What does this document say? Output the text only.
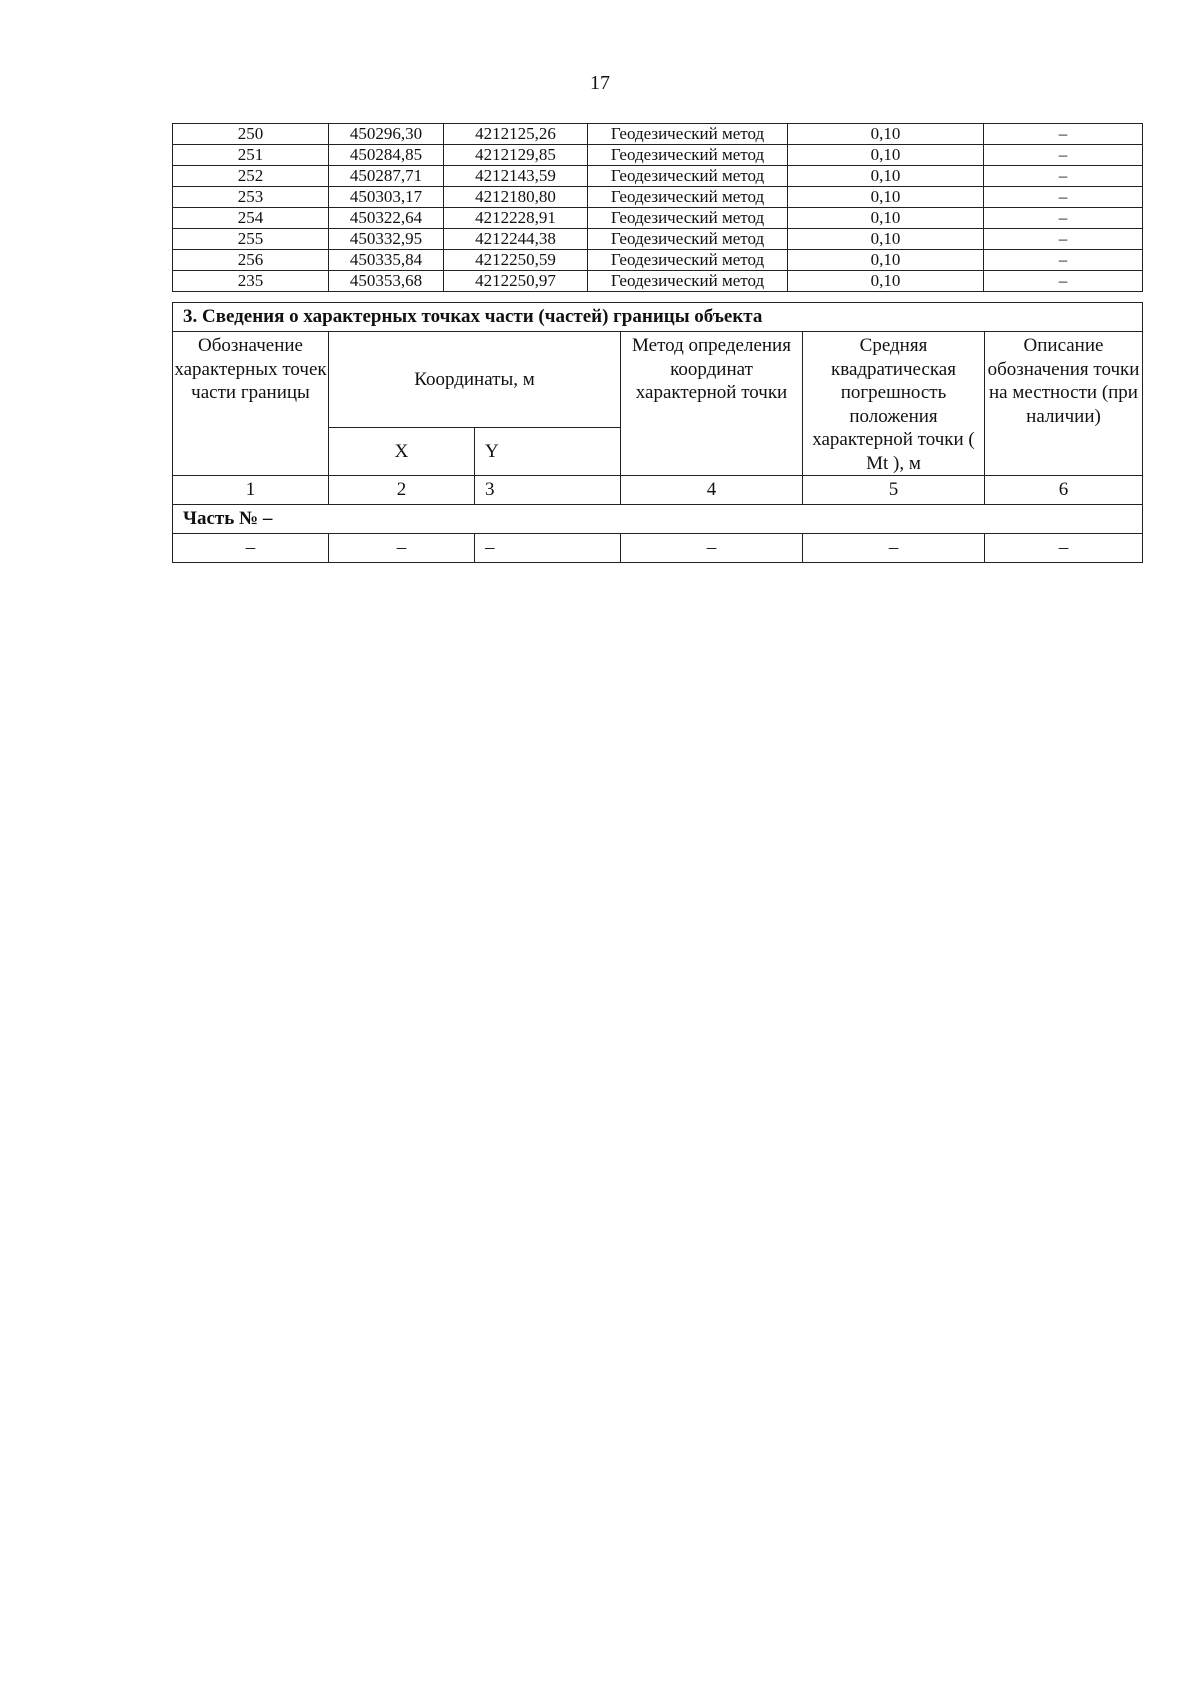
17
250	450296,30	4212125,26	Геодезический метод	0,10	–
251	450284,85	4212129,85	Геодезический метод	0,10	–
252	450287,71	4212143,59	Геодезический метод	0,10	–
253	450303,17	4212180,80	Геодезический метод	0,10	–
254	450322,64	4212228,91	Геодезический метод	0,10	–
255	450332,95	4212244,38	Геодезический метод	0,10	–
256	450335,84	4212250,59	Геодезический метод	0,10	–
235	450353,68	4212250,97	Геодезический метод	0,10	–
3. Сведения о характерных точках части (частей) границы объекта					
Обозначение характерных точек части границы	Координаты, м		Метод определения координат характерной точки	Средняя квадратическая погрешность положения характерной точки ( Mt ), м	Описание обозначения точки на местности (при наличии)
	X	Y			
1	2	3	4	5	6
Часть № –					
–	–	–	–	–	–
